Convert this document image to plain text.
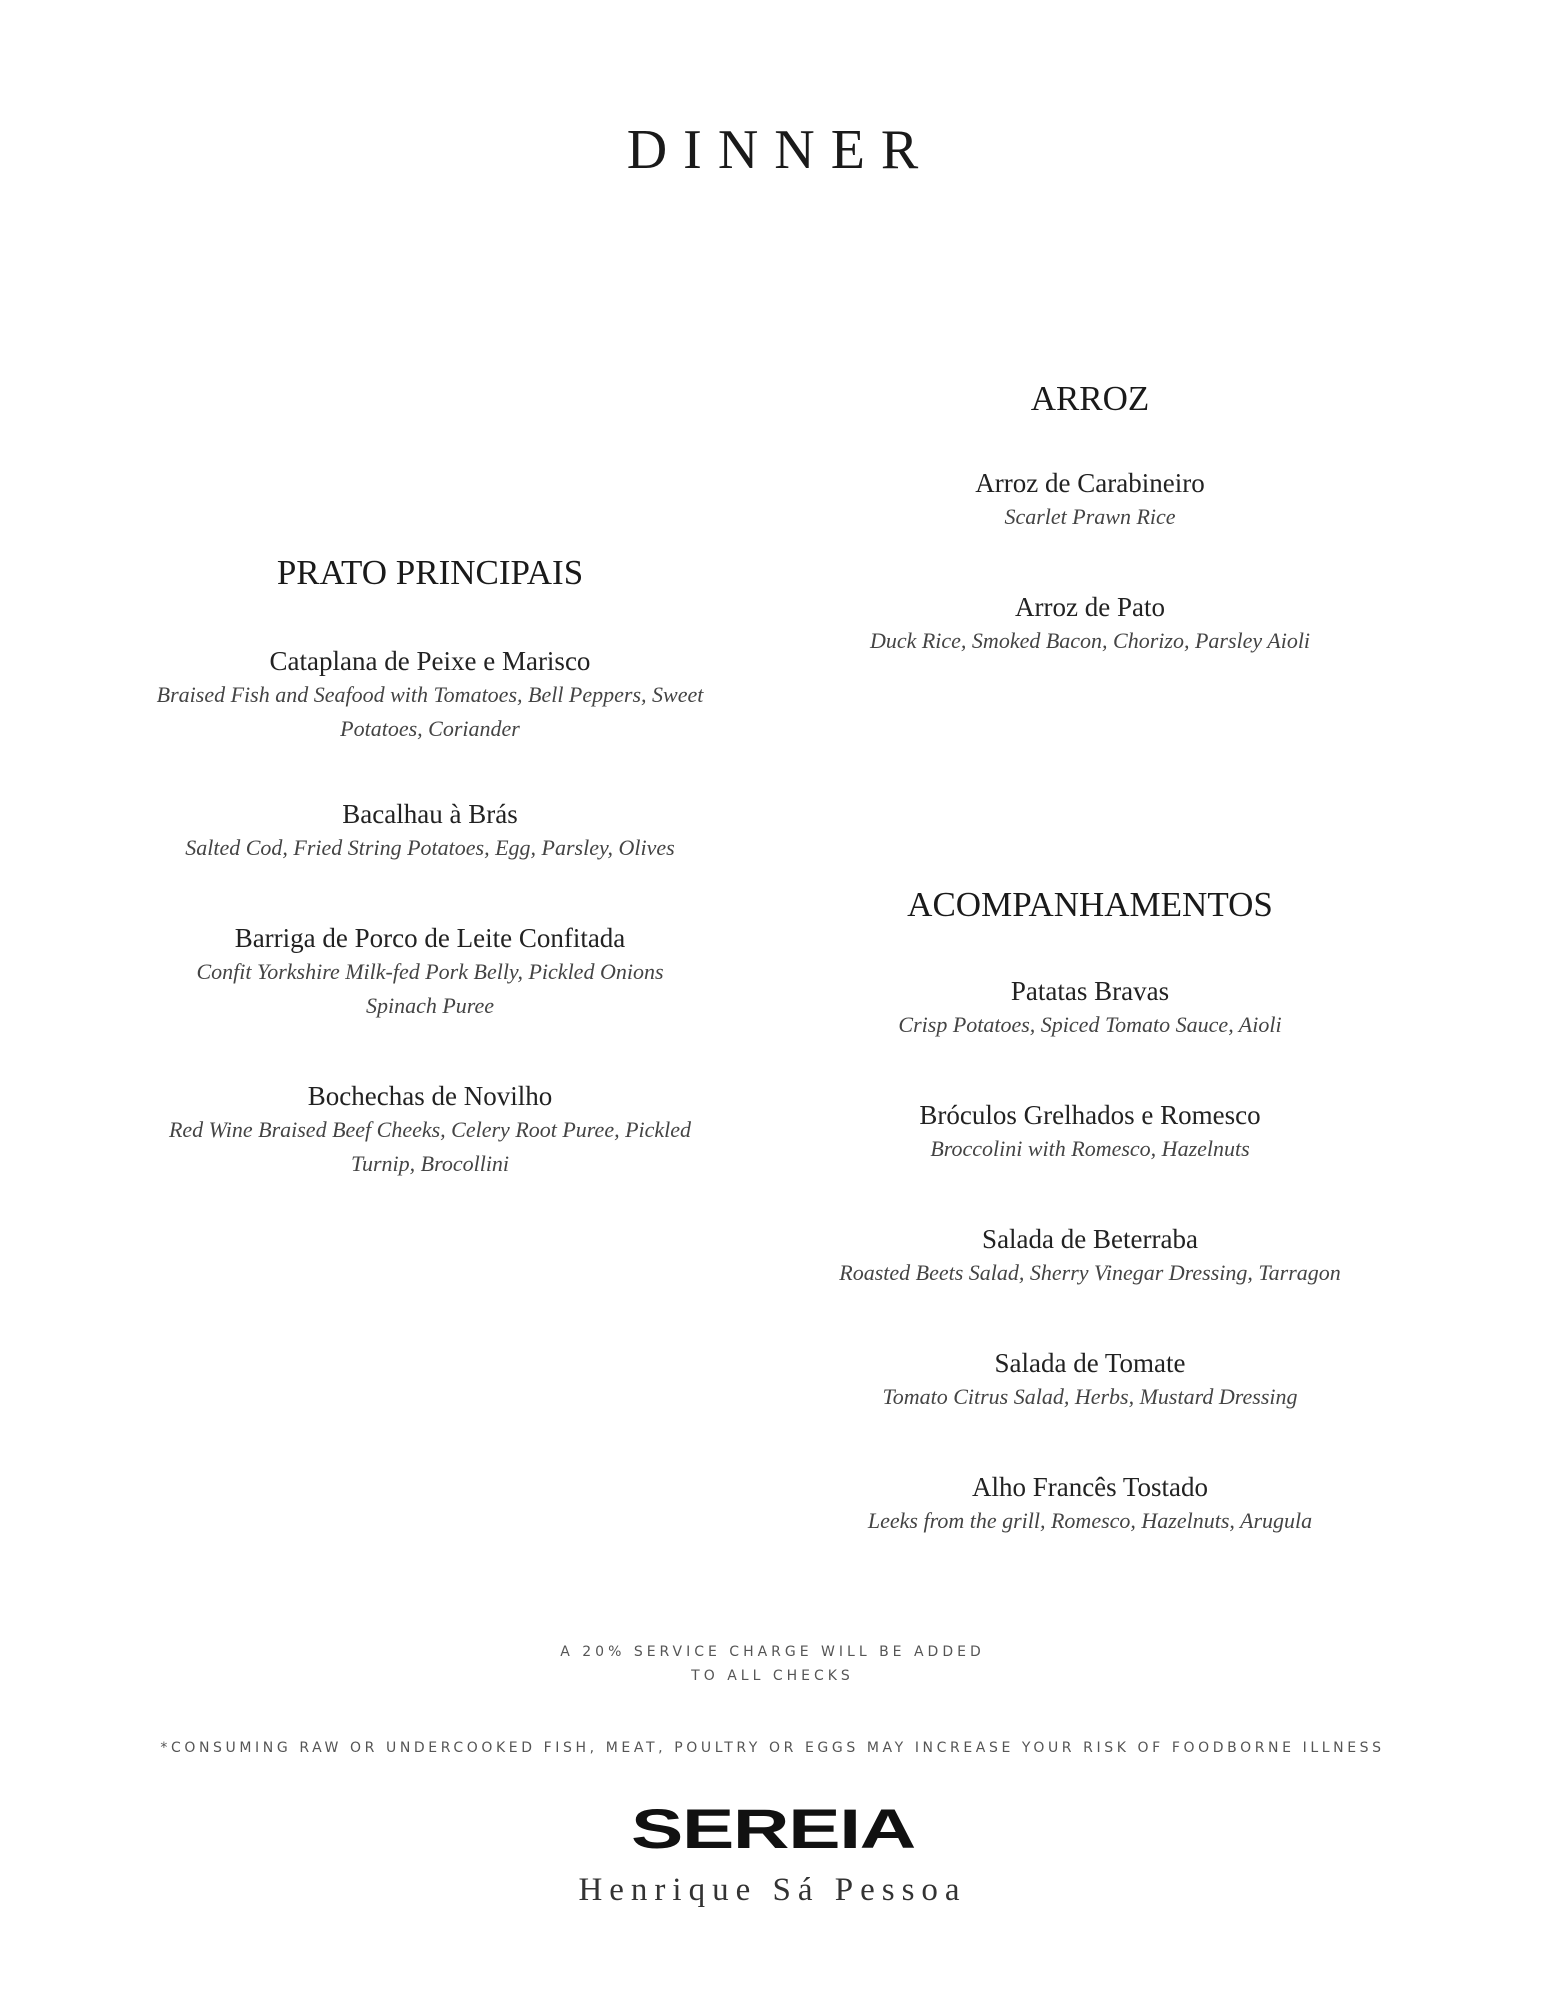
DINNER
PRATO PRINCIPAIS
Cataplana de Peixe e Marisco
Braised Fish and Seafood with Tomatoes, Bell Peppers, Sweet
Potatoes, Coriander
Bacalhau à Brás
Salted Cod, Fried String Potatoes, Egg, Parsley, Olives
Barriga de Porco de Leite Confitada
Confit Yorkshire Milk-fed Pork Belly, Pickled Onions
Spinach Puree
Bochechas de Novilho
Red Wine Braised Beef Cheeks, Celery Root Puree, Pickled
Turnip, Brocollini
ARROZ
Arroz de Carabineiro
Scarlet Prawn Rice
Arroz de Pato
Duck Rice, Smoked Bacon, Chorizo, Parsley Aioli
ACOMPANHAMENTOS
Patatas Bravas
Crisp Potatoes, Spiced Tomato Sauce, Aioli
Bróculos Grelhados e Romesco
Broccolini with Romesco, Hazelnuts
Salada de Beterraba
Roasted Beets Salad, Sherry Vinegar Dressing, Tarragon
Salada de Tomate
Tomato Citrus Salad, Herbs, Mustard Dressing
Alho Francês Tostado
Leeks from the grill, Romesco, Hazelnuts, Arugula
A 20% SERVICE CHARGE WILL BE ADDED
TO ALL CHECKS
*CONSUMING RAW OR UNDERCOOKED FISH, MEAT, POULTRY OR EGGS MAY INCREASE YOUR RISK OF FOODBORNE ILLNESS
SEREIA
Henrique Sá Pessoa
